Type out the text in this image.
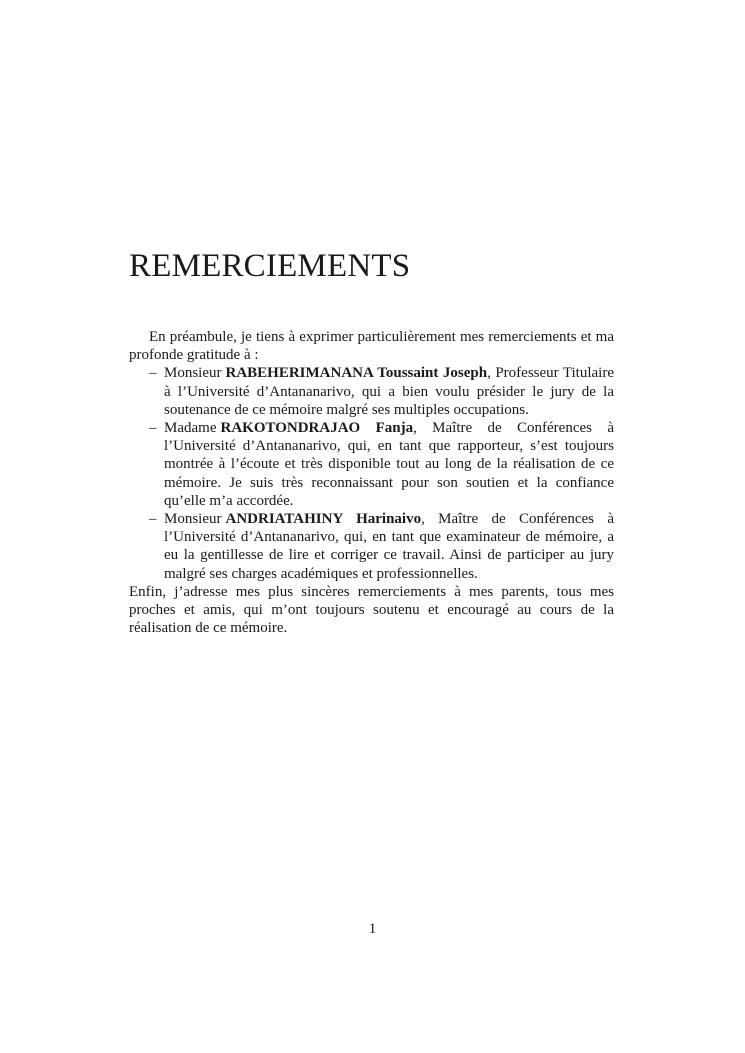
REMERCIEMENTS

En préambule, je tiens à exprimer particulièrement mes remerciements et ma profonde gratitude à :

– Monsieur RABEHERIMANANA Toussaint Joseph, Professeur Titulaire à l’Université d’Antananarivo, qui a bien voulu présider le jury de la soutenance de ce mémoire malgré ses multiples occupations.
– Madame RAKOTONDRAJAO Fanja, Maître de Conférences à l’Université d’Antananarivo, qui, en tant que rapporteur, s’est toujours montrée à l’écoute et très disponible tout au long de la réalisation de ce mémoire. Je suis très reconnaissant pour son soutien et la confiance qu’elle m’a accordée.
– Monsieur ANDRIATAHINY Harinaivo, Maître de Conférences à l’Université d’Antananarivo, qui, en tant que examinateur de mémoire, a eu la gentillesse de lire et corriger ce travail. Ainsi de participer au jury malgré ses charges académiques et professionnelles.

Enfin, j’adresse mes plus sincères remerciements à mes parents, tous mes proches et amis, qui m’ont toujours soutenu et encouragé au cours de la réalisation de ce mémoire.

1
